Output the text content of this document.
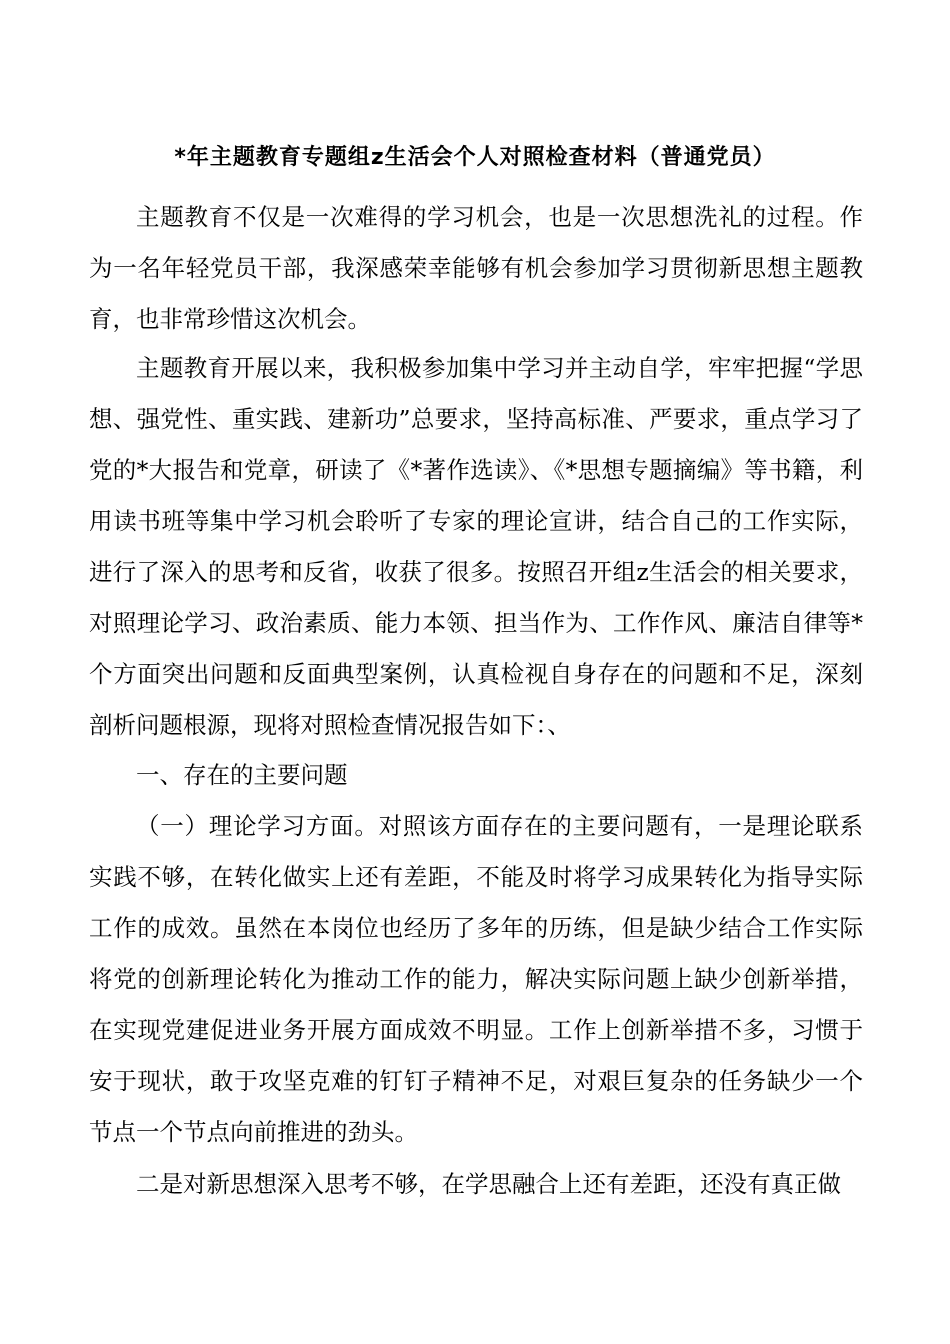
*年主题教育专题组z生活会个人对照检查材料（普通党员）

主题教育不仅是一次难得的学习机会，也是一次思想洗礼的过程。作为一名年轻党员干部，我深感荣幸能够有机会参加学习贯彻新思想主题教育，也非常珍惜这次机会。

主题教育开展以来，我积极参加集中学习并主动自学，牢牢把握“学思想、强党性、重实践、建新功”总要求，坚持高标准、严要求，重点学习了党的*大报告和党章，研读了《*著作选读》、《*思想专题摘编》等书籍，利用读书班等集中学习机会聆听了专家的理论宣讲，结合自己的工作实际，进行了深入的思考和反省，收获了很多。按照召开组z生活会的相关要求，对照理论学习、政治素质、能力本领、担当作为、工作作风、廉洁自律等*个方面突出问题和反面典型案例，认真检视自身存在的问题和不足，深刻剖析问题根源，现将对照检查情况报告如下：、

一、存在的主要问题

（一）理论学习方面。对照该方面存在的主要问题有，一是理论联系实践不够，在转化做实上还有差距，不能及时将学习成果转化为指导实际工作的成效。虽然在本岗位也经历了多年的历练，但是缺少结合工作实际将党的创新理论转化为推动工作的能力，解决实际问题上缺少创新举措，在实现党建促进业务开展方面成效不明显。工作上创新举措不多，习惯于安于现状，敢于攻坚克难的钉钉子精神不足，对艰巨复杂的任务缺少一个节点一个节点向前推进的劲头。

二是对新思想深入思考不够，在学思融合上还有差距，还没有真正做
